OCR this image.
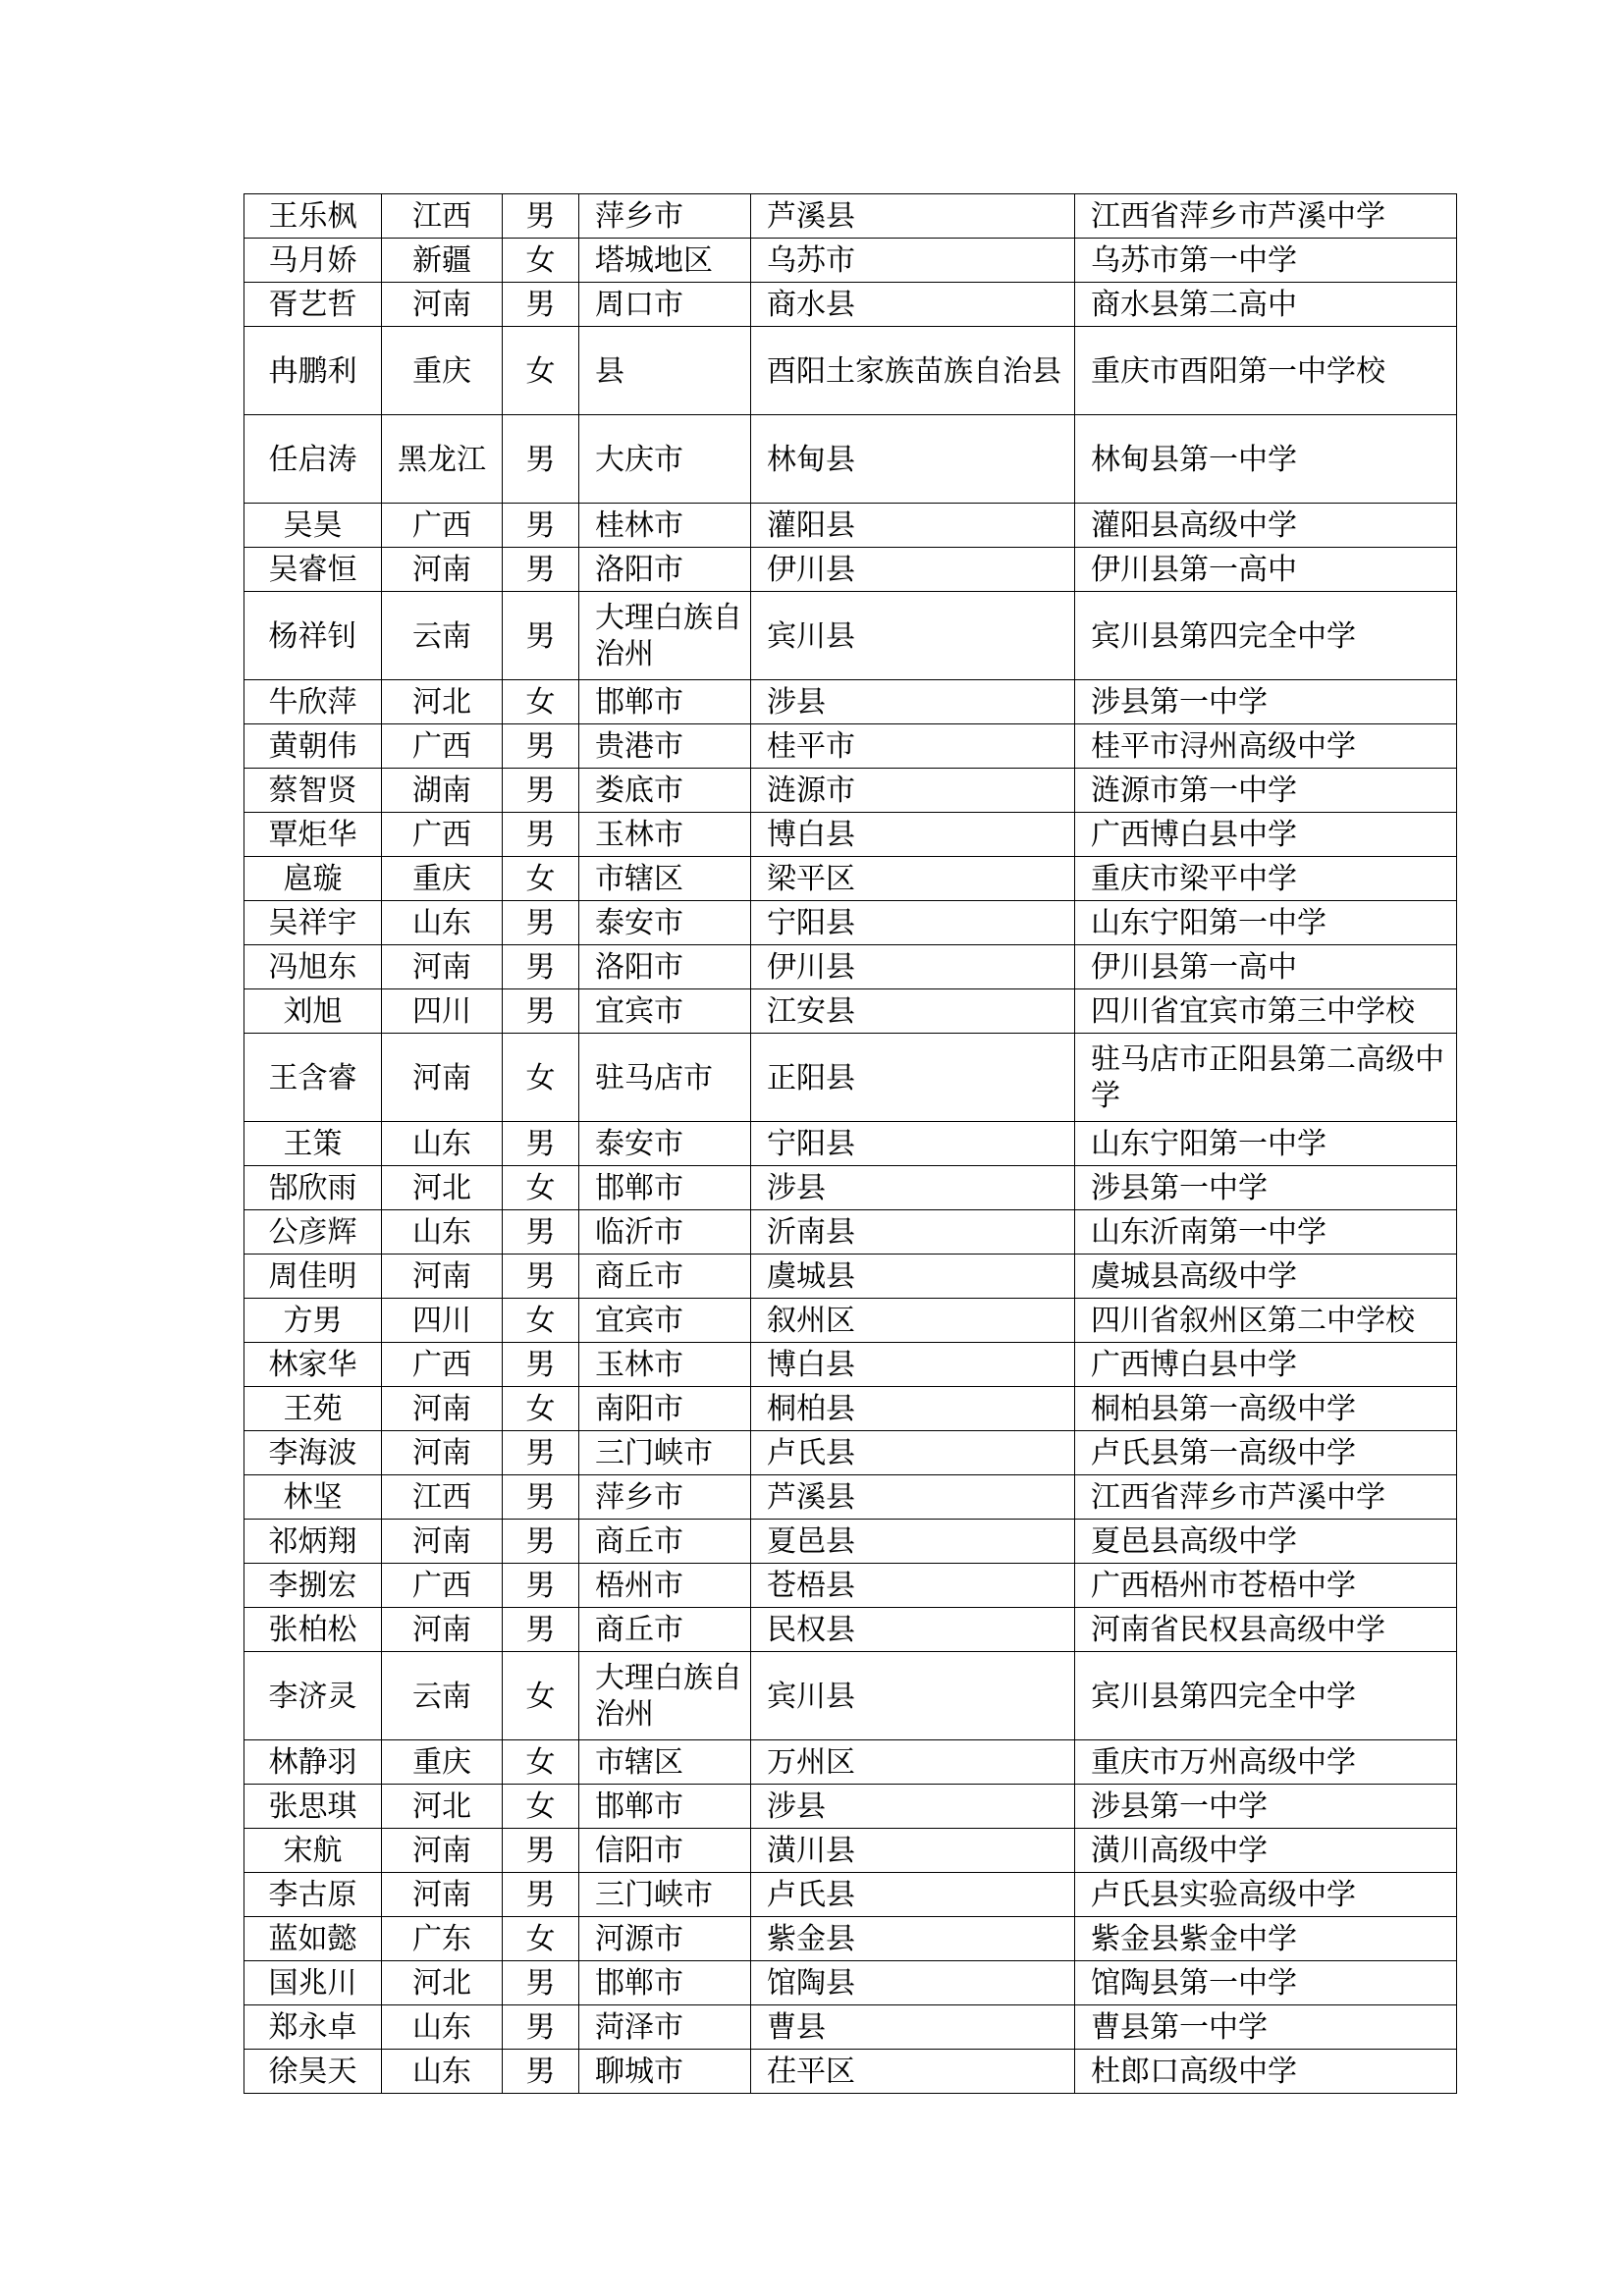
王乐枫	江西	男	萍乡市	芦溪县	江西省萍乡市芦溪中学
马月娇	新疆	女	塔城地区	乌苏市	乌苏市第一中学
胥艺哲	河南	男	周口市	商水县	商水县第二高中
冉鹏利	重庆	女	县	酉阳土家族苗族自治县	重庆市酉阳第一中学校
任启涛	黑龙江	男	大庆市	林甸县	林甸县第一中学
吴昊	广西	男	桂林市	灌阳县	灌阳县高级中学
吴睿恒	河南	男	洛阳市	伊川县	伊川县第一高中
杨祥钊	云南	男	大理白族自治州	宾川县	宾川县第四完全中学
牛欣萍	河北	女	邯郸市	涉县	涉县第一中学
黄朝伟	广西	男	贵港市	桂平市	桂平市浔州高级中学
蔡智贤	湖南	男	娄底市	涟源市	涟源市第一中学
覃炬华	广西	男	玉林市	博白县	广西博白县中学
扈璇	重庆	女	市辖区	梁平区	重庆市梁平中学
吴祥宇	山东	男	泰安市	宁阳县	山东宁阳第一中学
冯旭东	河南	男	洛阳市	伊川县	伊川县第一高中
刘旭	四川	男	宜宾市	江安县	四川省宜宾市第三中学校
王含睿	河南	女	驻马店市	正阳县	驻马店市正阳县第二高级中学
王策	山东	男	泰安市	宁阳县	山东宁阳第一中学
郜欣雨	河北	女	邯郸市	涉县	涉县第一中学
公彦辉	山东	男	临沂市	沂南县	山东沂南第一中学
周佳明	河南	男	商丘市	虞城县	虞城县高级中学
方男	四川	女	宜宾市	叙州区	四川省叙州区第二中学校
林家华	广西	男	玉林市	博白县	广西博白县中学
王苑	河南	女	南阳市	桐柏县	桐柏县第一高级中学
李海波	河南	男	三门峡市	卢氏县	卢氏县第一高级中学
林坚	江西	男	萍乡市	芦溪县	江西省萍乡市芦溪中学
祁炳翔	河南	男	商丘市	夏邑县	夏邑县高级中学
李捌宏	广西	男	梧州市	苍梧县	广西梧州市苍梧中学
张柏松	河南	男	商丘市	民权县	河南省民权县高级中学
李济灵	云南	女	大理白族自治州	宾川县	宾川县第四完全中学
林静羽	重庆	女	市辖区	万州区	重庆市万州高级中学
张思琪	河北	女	邯郸市	涉县	涉县第一中学
宋航	河南	男	信阳市	潢川县	潢川高级中学
李古原	河南	男	三门峡市	卢氏县	卢氏县实验高级中学
蓝如懿	广东	女	河源市	紫金县	紫金县紫金中学
国兆川	河北	男	邯郸市	馆陶县	馆陶县第一中学
郑永卓	山东	男	菏泽市	曹县	曹县第一中学
徐昊天	山东	男	聊城市	茌平区	杜郎口高级中学
